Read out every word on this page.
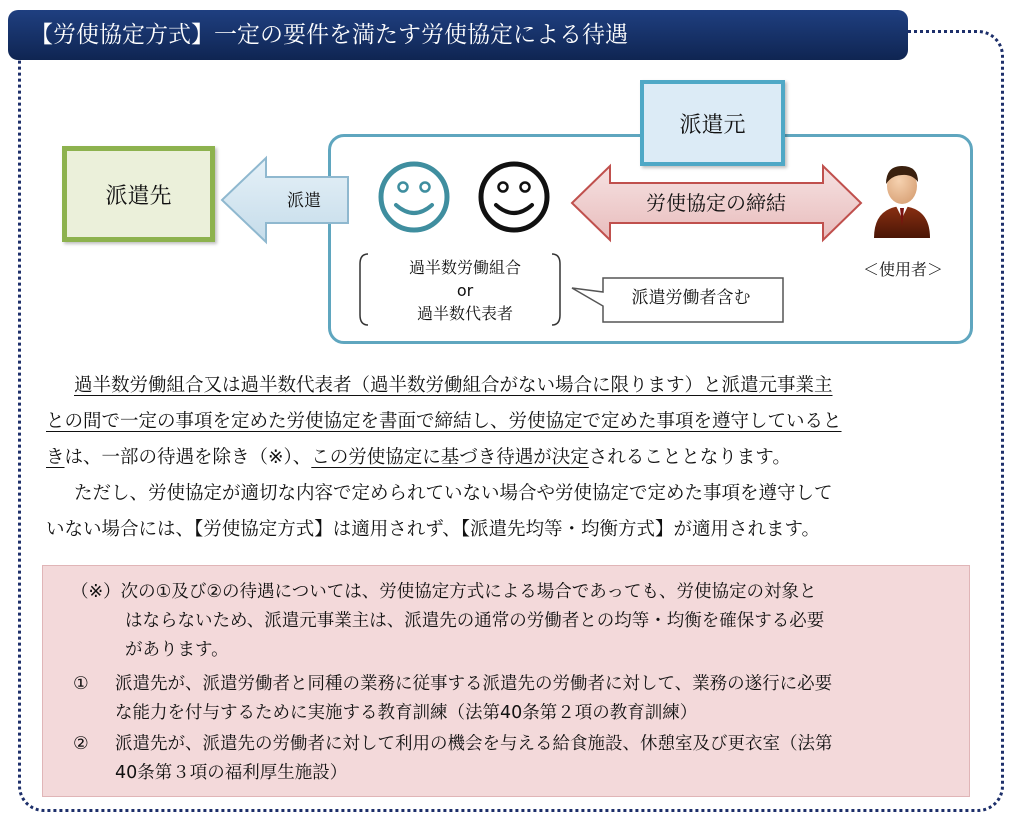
【労使協定方式】一定の要件を満たす労使協定による待遇
派遣元
派遣先	派遣
過半数労働組合
or
過半数代表者
派遣労働者含む
労使協定の締結
＜使用者＞

過半数労働組合又は過半数代表者（過半数労働組合がない場合に限ります）と派遣元事業主

との間で一定の事項を定めた労使協定を書面で締結し、労使協定で定めた事項を遵守していると

きは、一部の待遇を除き（※）、この労使協定に基づき待遇が決定されることとなります。

ただし、労使協定が適切な内容で定められていない場合や労使協定で定めた事項を遵守して

いない場合には、【労使協定方式】は適用されず、【派遣先均等・均衡方式】が適用されます。

（※）次の①及び②の待遇については、労使協定方式による場合であっても、労使協定の対象と
はならないため、派遣元事業主は、派遣先の通常の労働者との均等・均衡を確保する必要
があります。
① 派遣先が、派遣労働者と同種の業務に従事する派遣先の労働者に対して、業務の遂行に必要
な能力を付与するために実施する教育訓練（法第40条第２項の教育訓練）
② 派遣先が、派遣先の労働者に対して利用の機会を与える給食施設、休憩室及び更衣室（法第
40条第３項の福利厚生施設）
